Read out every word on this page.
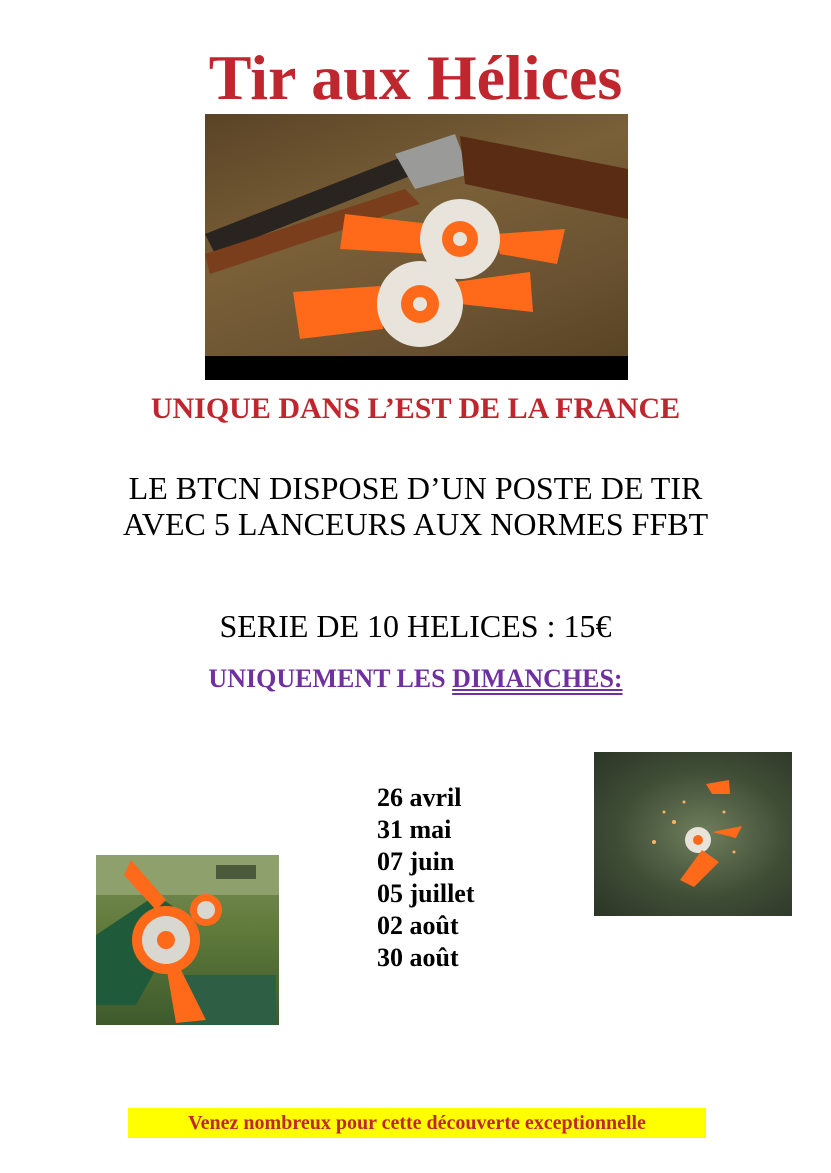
Tir aux Hélices
UNIQUE DANS L’EST DE LA FRANCE
LE BTCN DISPOSE D’UN POSTE DE TIR
AVEC 5 LANCEURS AUX NORMES FFBT
SERIE DE 10 HELICES : 15€
UNIQUEMENT LES DIMANCHES:
26 avril
31 mai
07 juin
05 juillet
02 août
30 août
Venez nombreux pour cette découverte exceptionnelle
